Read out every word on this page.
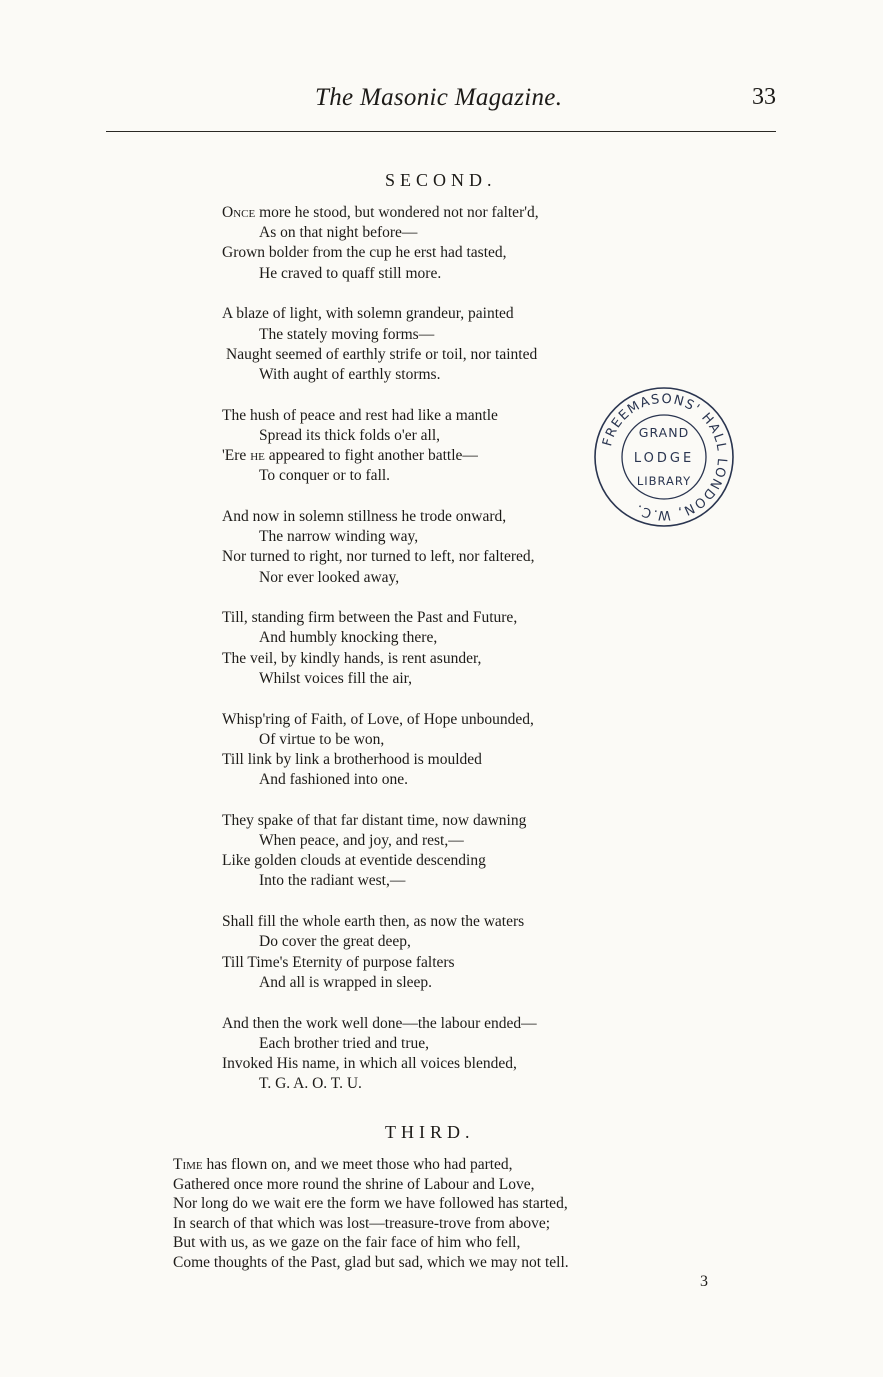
The Masonic Magazine.	33
SECOND.
Once more he stood, but wondered not nor falter'd,
As on that night before—
Grown bolder from the cup he erst had tasted,
He craved to quaff still more.
A blaze of light, with solemn grandeur, painted
The stately moving forms—
Naught seemed of earthly strife or toil, nor tainted
With aught of earthly storms.
The hush of peace and rest had like a mantle
Spread its thick folds o'er all,
'Ere he appeared to fight another battle—
To conquer or to fall.
And now in solemn stillness he trode onward,
The narrow winding way,
Nor turned to right, nor turned to left, nor faltered,
Nor ever looked away,
Till, standing firm between the Past and Future,
And humbly knocking there,
The veil, by kindly hands, is rent asunder,
Whilst voices fill the air,
Whisp'ring of Faith, of Love, of Hope unbounded,
Of virtue to be won,
Till link by link a brotherhood is moulded
And fashioned into one.
They spake of that far distant time, now dawning
When peace, and joy, and rest,—
Like golden clouds at eventide descending
Into the radiant west,—
Shall fill the whole earth then, as now the waters
Do cover the great deep,
Till Time's Eternity of purpose falters
And all is wrapped in sleep.
And then the work well done—the labour ended—
Each brother tried and true,
Invoked His name, in which all voices blended,
T. G. A. O. T. U.
THIRD.
Time has flown on, and we meet those who had parted,
Gathered once more round the shrine of Labour and Love,
Nor long do we wait ere the form we have followed has started,
In search of that which was lost—treasure-trove from above;
But with us, as we gaze on the fair face of him who fell,
Come thoughts of the Past, glad but sad, which we may not tell.
3
FREEMASONS' HALL LONDON, W.C.
GRAND
LODGE
LIBRARY
